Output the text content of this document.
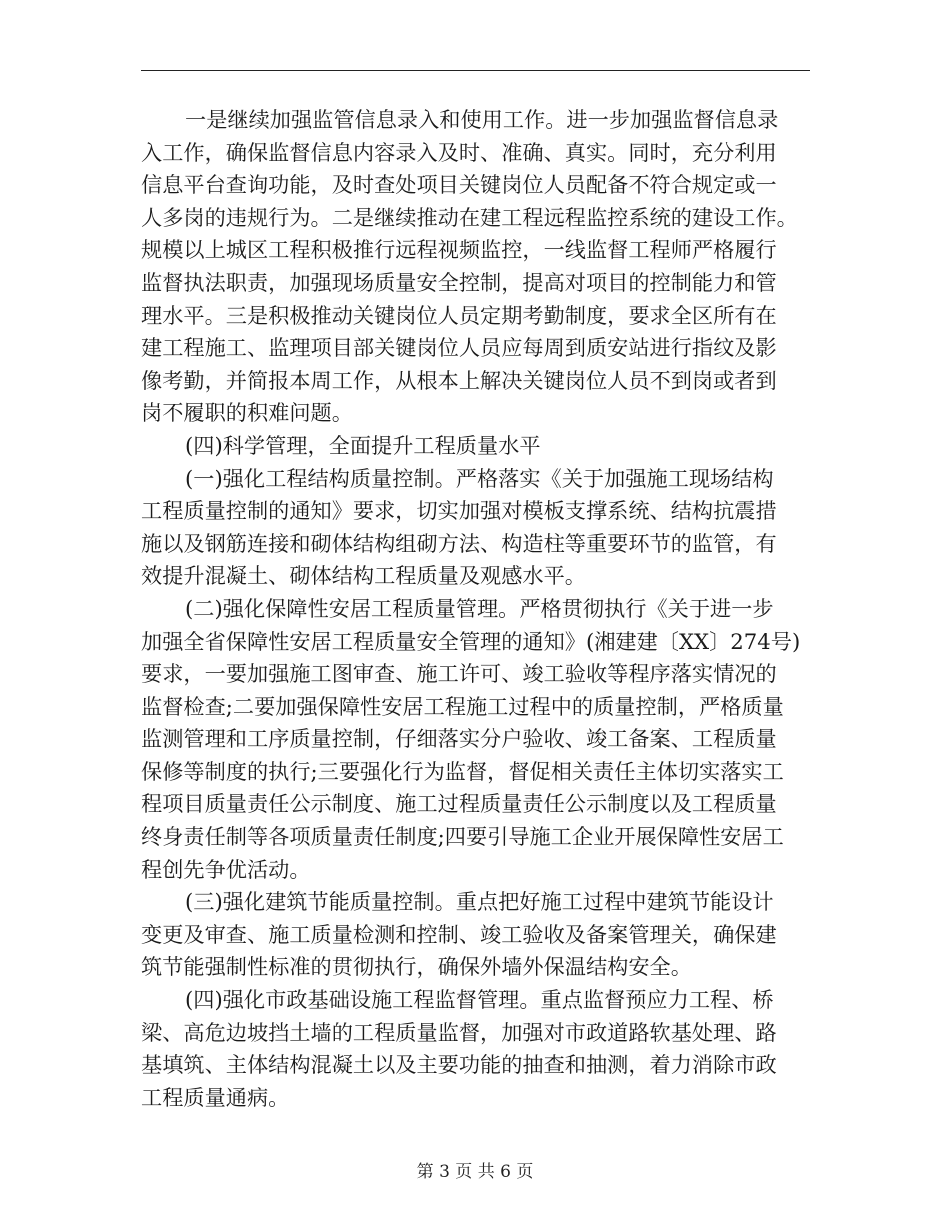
一是继续加强监管信息录入和使用工作。进一步加强监督信息录
入工作，确保监督信息内容录入及时、准确、真实。同时，充分利用
信息平台查询功能，及时查处项目关键岗位人员配备不符合规定或一
人多岗的违规行为。二是继续推动在建工程远程监控系统的建设工作。
规模以上城区工程积极推行远程视频监控，一线监督工程师严格履行
监督执法职责，加强现场质量安全控制，提高对项目的控制能力和管
理水平。三是积极推动关键岗位人员定期考勤制度，要求全区所有在
建工程施工、监理项目部关键岗位人员应每周到质安站进行指纹及影
像考勤，并简报本周工作，从根本上解决关键岗位人员不到岗或者到
岗不履职的积难问题。
(四)科学管理，全面提升工程质量水平
(一)强化工程结构质量控制。严格落实《关于加强施工现场结构
工程质量控制的通知》要求，切实加强对模板支撑系统、结构抗震措
施以及钢筋连接和砌体结构组砌方法、构造柱等重要环节的监管，有
效提升混凝土、砌体结构工程质量及观感水平。
(二)强化保障性安居工程质量管理。严格贯彻执行《关于进一步
加强全省保障性安居工程质量安全管理的通知》(湘建建〔XX〕274号)
要求，一要加强施工图审查、施工许可、竣工验收等程序落实情况的
监督检查;二要加强保障性安居工程施工过程中的质量控制，严格质量
监测管理和工序质量控制，仔细落实分户验收、竣工备案、工程质量
保修等制度的执行;三要强化行为监督，督促相关责任主体切实落实工
程项目质量责任公示制度、施工过程质量责任公示制度以及工程质量
终身责任制等各项质量责任制度;四要引导施工企业开展保障性安居工
程创先争优活动。
(三)强化建筑节能质量控制。重点把好施工过程中建筑节能设计
变更及审查、施工质量检测和控制、竣工验收及备案管理关，确保建
筑节能强制性标准的贯彻执行，确保外墙外保温结构安全。
(四)强化市政基础设施工程监督管理。重点监督预应力工程、桥
梁、高危边坡挡土墙的工程质量监督，加强对市政道路软基处理、路
基填筑、主体结构混凝土以及主要功能的抽查和抽测，着力消除市政
工程质量通病。
第 3 页 共 6 页
